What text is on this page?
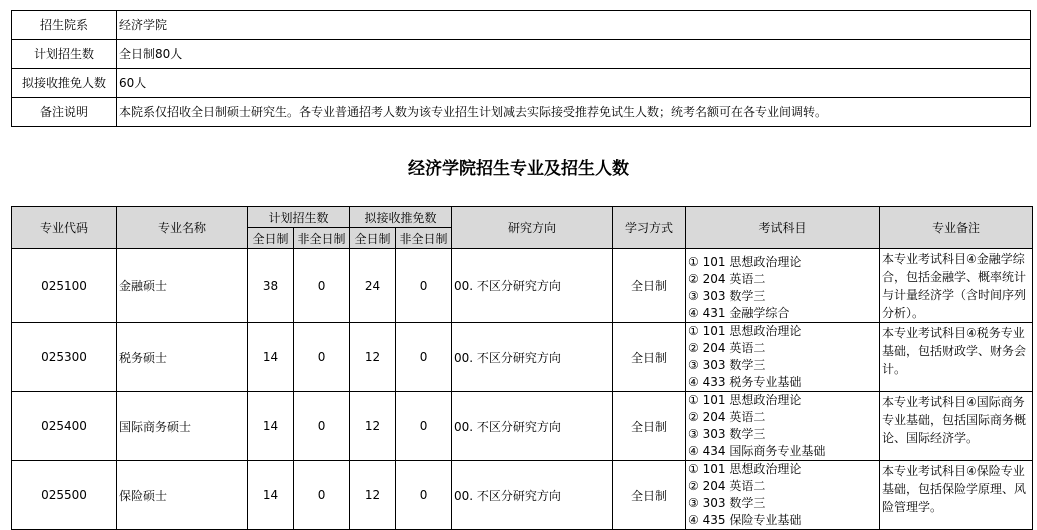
招生院系	经济学院
计划招生数	全日制80人
拟接收推免人数	60人
备注说明	本院系仅招收全日制硕士研究生。各专业普通招考人数为该专业招生计划减去实际接受推荐免试生人数；统考名额可在各专业间调转。
经济学院招生专业及招生人数
专业代码	专业名称	计划招生数		拟接收推免数		研究方向	学习方式	考试科目	专业备注
		全日制	非全日制	全日制	非全日制				
025100	金融硕士	38	0	24	0	00. 不区分研究方向	全日制	① 101 思想政治理论
② 204 英语二
③ 303 数学三
④ 431 金融学综合	本专业考试科目④金融学综合，包括金融学、概率统计与计量经济学（含时间序列分析）。
025300	税务硕士	14	0	12	0	00. 不区分研究方向	全日制	① 101 思想政治理论
② 204 英语二
③ 303 数学三
④ 433 税务专业基础	本专业考试科目④税务专业基础，包括财政学、财务会计。
025400	国际商务硕士	14	0	12	0	00. 不区分研究方向	全日制	① 101 思想政治理论
② 204 英语二
③ 303 数学三
④ 434 国际商务专业基础	本专业考试科目④国际商务专业基础，包括国际商务概论、国际经济学。
025500	保险硕士	14	0	12	0	00. 不区分研究方向	全日制	① 101 思想政治理论
② 204 英语二
③ 303 数学三
④ 435 保险专业基础	本专业考试科目④保险专业基础，包括保险学原理、风险管理学。
